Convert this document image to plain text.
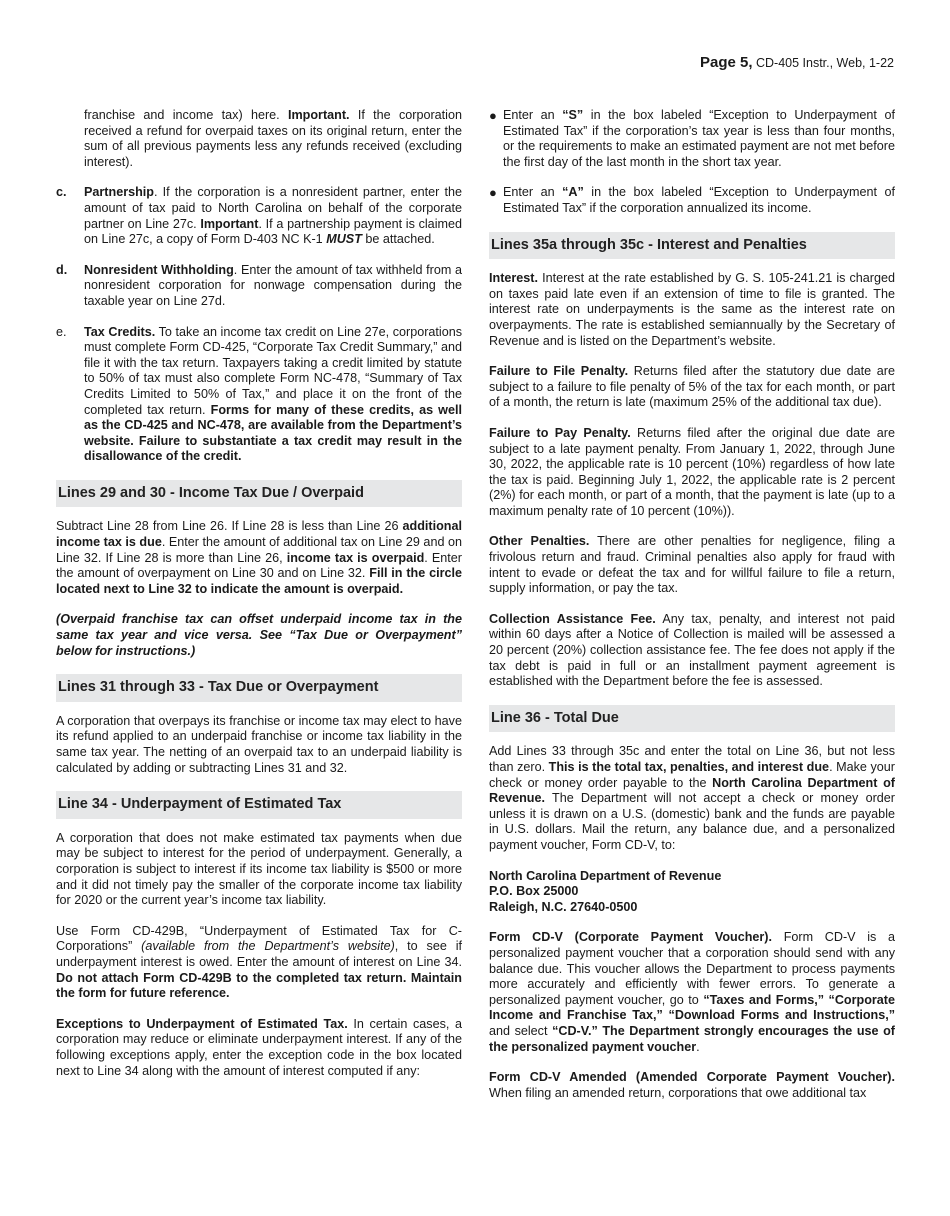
Page 5, CD-405 Instr., Web, 1-22

franchise and income tax) here. Important. If the corporation received a refund for overpaid taxes on its original return, enter the sum of all previous payments less any refunds received (excluding interest).

c.	Partnership. If the corporation is a nonresident partner, enter the amount of tax paid to North Carolina on behalf of the corporate partner on Line 27c. Important. If a partnership payment is claimed on Line 27c, a copy of Form D-403 NC K-1 MUST be attached.
d.	Nonresident Withholding. Enter the amount of tax withheld from a nonresident corporation for nonwage compensation during the taxable year on Line 27d.
e.	Tax Credits. To take an income tax credit on Line 27e, corporations must complete Form CD-425, “Corporate Tax Credit Summary,” and file it with the tax return. Taxpayers taking a credit limited by statute to 50% of tax must also complete Form NC-478, “Summary of Tax Credits Limited to 50% of Tax,” and place it on the front of the completed tax return. Forms for many of these credits, as well as the CD-425 and NC-478, are available from the Department’s website. Failure to substantiate a tax credit may result in the disallowance of the credit.
Lines 29 and 30 - Income Tax Due / Overpaid

Subtract Line 28 from Line 26. If Line 28 is less than Line 26 additional income tax is due. Enter the amount of additional tax on Line 29 and on Line 32. If Line 28 is more than Line 26, income tax is overpaid. Enter the amount of overpayment on Line 30 and on Line 32. Fill in the circle located next to Line 32 to indicate the amount is overpaid.

(Overpaid franchise tax can offset underpaid income tax in the same tax year and vice versa. See “Tax Due or Overpayment” below for instructions.)

Lines 31 through 33 - Tax Due or Overpayment

A corporation that overpays its franchise or income tax may elect to have its refund applied to an underpaid franchise or income tax liability in the same tax year. The netting of an overpaid tax to an underpaid liability is calculated by adding or subtracting Lines 31 and 32.

Line 34 - Underpayment of Estimated Tax

A corporation that does not make estimated tax payments when due may be subject to interest for the period of underpayment. Generally, a corporation is subject to interest if its income tax liability is $500 or more and it did not timely pay the smaller of the corporate income tax liability for 2020 or the current year’s income tax liability.

Use Form CD-429B, “Underpayment of Estimated Tax for C-Corporations” (available from the Department’s website), to see if underpayment interest is owed. Enter the amount of interest on Line 34. Do not attach Form CD-429B to the completed tax return. Maintain the form for future reference.

Exceptions to Underpayment of Estimated Tax. In certain cases, a corporation may reduce or eliminate underpayment interest. If any of the following exceptions apply, enter the exception code in the box located next to Line 34 along with the amount of interest computed if any:

● Enter an “S” in the box labeled “Exception to Underpayment of Estimated Tax” if the corporation’s tax year is less than four months, or the requirements to make an estimated payment are not met before the first day of the last month in the short tax year.
● Enter an “A” in the box labeled “Exception to Underpayment of Estimated Tax” if the corporation annualized its income.
Lines 35a through 35c - Interest and Penalties

Interest. Interest at the rate established by G. S. 105-241.21 is charged on taxes paid late even if an extension of time to file is granted. The interest rate on underpayments is the same as the interest rate on overpayments. The rate is established semiannually by the Secretary of Revenue and is listed on the Department’s website.

Failure to File Penalty. Returns filed after the statutory due date are subject to a failure to file penalty of 5% of the tax for each month, or part of a month, the return is late (maximum 25% of the additional tax due).

Failure to Pay Penalty. Returns filed after the original due date are subject to a late payment penalty. From January 1, 2022, through June 30, 2022, the applicable rate is 10 percent (10%) regardless of how late the tax is paid. Beginning July 1, 2022, the applicable rate is 2 percent (2%) for each month, or part of a month, that the payment is late (up to a maximum penalty rate of 10 percent (10%)).

Other Penalties. There are other penalties for negligence, filing a frivolous return and fraud. Criminal penalties also apply for fraud with intent to evade or defeat the tax and for willful failure to file a return, supply information, or pay the tax.

Collection Assistance Fee. Any tax, penalty, and interest not paid within 60 days after a Notice of Collection is mailed will be assessed a 20 percent (20%) collection assistance fee. The fee does not apply if the tax debt is paid in full or an installment payment agreement is established with the Department before the fee is assessed.

Line 36 - Total Due

Add Lines 33 through 35c and enter the total on Line 36, but not less than zero. This is the total tax, penalties, and interest due. Make your check or money order payable to the North Carolina Department of Revenue. The Department will not accept a check or money order unless it is drawn on a U.S. (domestic) bank and the funds are payable in U.S. dollars. Mail the return, any balance due, and a personalized payment voucher, Form CD-V, to:

North Carolina Department of Revenue
P.O. Box 25000
Raleigh, N.C. 27640-0500

Form CD-V (Corporate Payment Voucher). Form CD-V is a personalized payment voucher that a corporation should send with any balance due. This voucher allows the Department to process payments more accurately and efficiently with fewer errors. To generate a personalized payment voucher, go to “Taxes and Forms,” “Corporate Income and Franchise Tax,” “Download Forms and Instructions,” and select “CD-V.” The Department strongly encourages the use of the personalized payment voucher.

Form CD-V Amended (Amended Corporate Payment Voucher). When filing an amended return, corporations that owe additional tax
